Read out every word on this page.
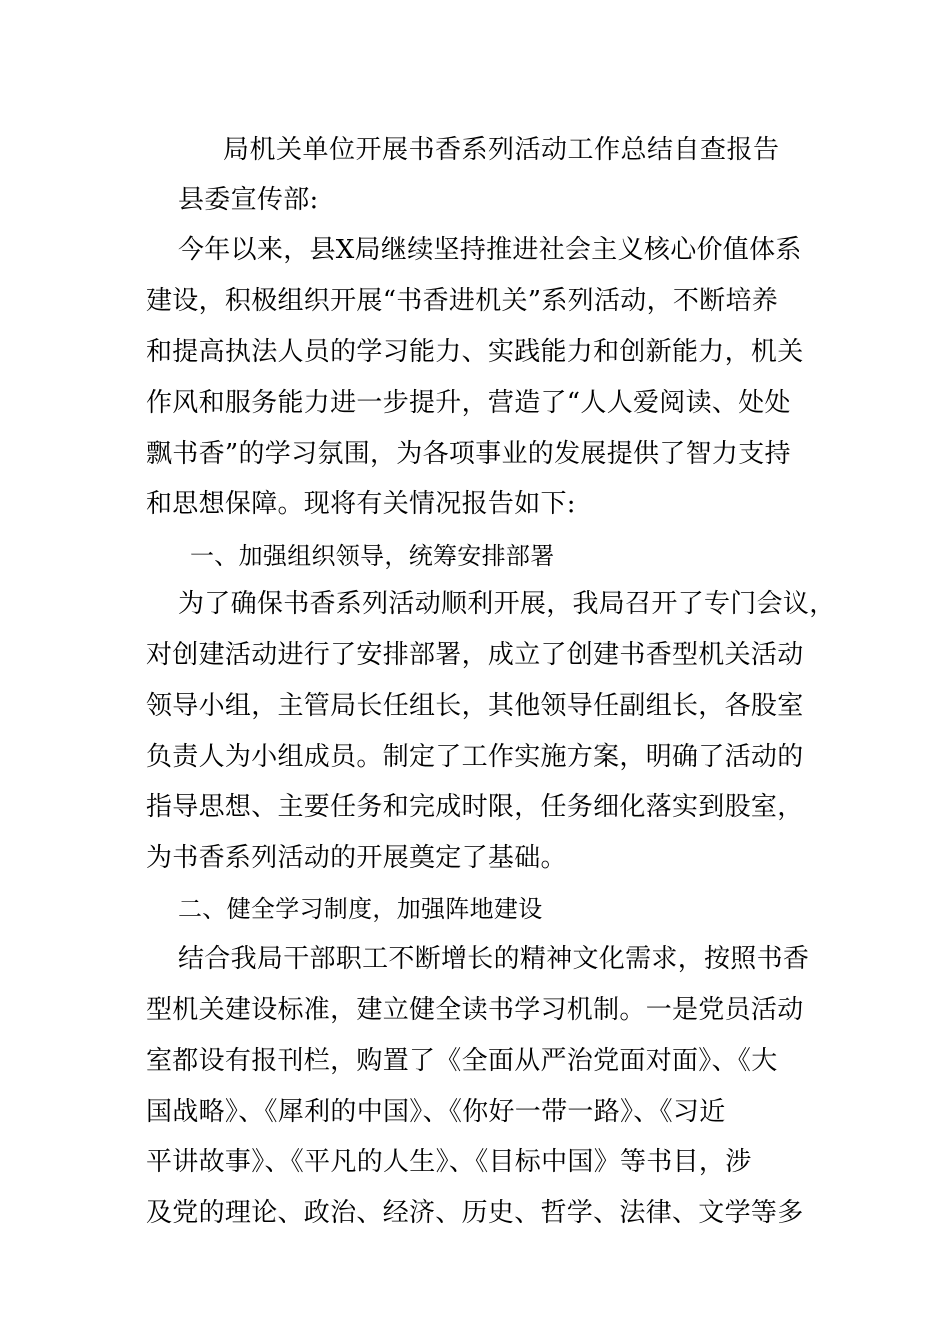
局机关单位开展书香系列活动工作总结自查报告
县委宣传部:
今年以来，县X局继续坚持推进社会主义核心价值体系
建设，积极组织开展“书香进机关”系列活动，不断培养
和提高执法人员的学习能力、实践能力和创新能力，机关
作风和服务能力进一步提升，营造了“人人爱阅读、处处
飘书香”的学习氛围，为各项事业的发展提供了智力支持
和思想保障。现将有关情况报告如下:
一、加强组织领导，统筹安排部署
为了确保书香系列活动顺利开展，我局召开了专门会议，
对创建活动进行了安排部署，成立了创建书香型机关活动
领导小组，主管局长任组长，其他领导任副组长，各股室
负责人为小组成员。制定了工作实施方案，明确了活动的
指导思想、主要任务和完成时限，任务细化落实到股室，
为书香系列活动的开展奠定了基础。
二、健全学习制度，加强阵地建设
结合我局干部职工不断增长的精神文化需求，按照书香
型机关建设标准，建立健全读书学习机制。一是党员活动
室都设有报刊栏，购置了《全面从严治党面对面》、《大
国战略》、《犀利的中国》、《你好一带一路》、《习近
平讲故事》、《平凡的人生》、《目标中国》等书目，涉
及党的理论、政治、经济、历史、哲学、法律、文学等多
